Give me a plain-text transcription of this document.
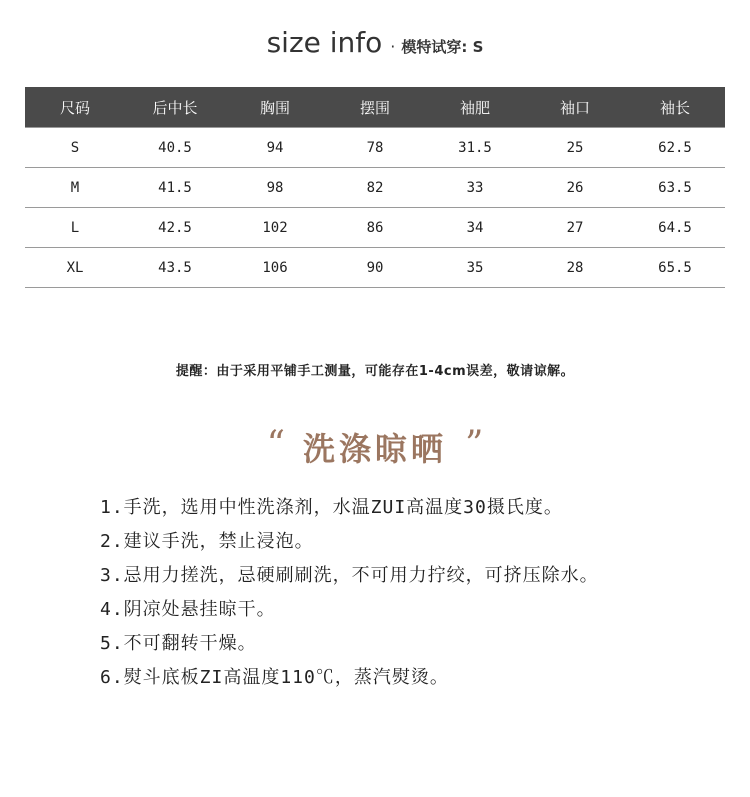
size info · 模特试穿: S
尺码	后中长	胸围	摆围	袖肥	袖口	袖长
S	40.5	94	78	31.5	25	62.5
M	41.5	98	82	33	26	63.5
L	42.5	102	86	34	27	64.5
XL	43.5	106	90	35	28	65.5
提醒：由于采用平铺手工测量，可能存在1-4cm误差，敬请谅解。
“ 洗涤晾晒 ”
1.手洗，选用中性洗涤剂，水温ZUI高温度30摄氏度。
2.建议手洗，禁止浸泡。
3.忌用力搓洗，忌硬刷刷洗，不可用力拧绞，可挤压除水。
4.阴凉处悬挂晾干。
5.不可翻转干燥。
6.熨斗底板ZI高温度110℃，蒸汽熨烫。
